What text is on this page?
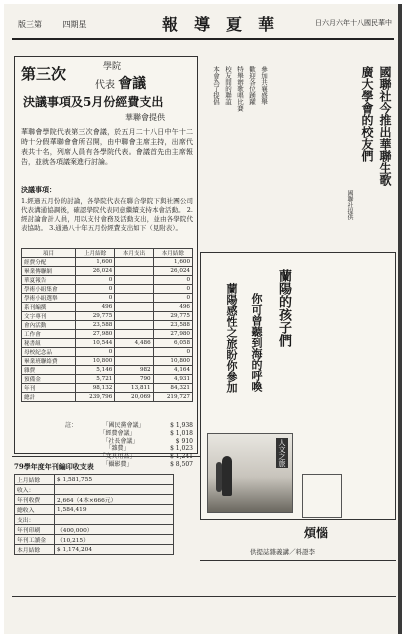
版三第	四期星	報導夏華	日六月六年十八國民華中
第三次	學院
代表 會議
決議事項及5月份經費支出
華聯會提供
華聯會學院代表第三次會議，於五月二十八日中午十二時十分假華聯會會所召開，由中聯會主席主持，出席代表共十名，列席人員有各學院代表。會議首先由主席報告，並就各項議案進行討論。
決議事項：
1.經過五月份的討論，各學院代表在聯合學院下與社團公司代表溝通協調後，確認學院代表同意繼續支持本會活動。 2.經討論會計人員，用以支付會務及活動支出，並由各學院代表協助。 3.通過八十年五月份經費支出如下（見附表）。
項目	上月結餘	本月支出	本月結餘
經費分配	1,600		1,600
畢業傳聯網	26,024		26,024
華夏報告	0		0
學術小組集會	0		0
學術小組選舉	0		0
系刊編撰	496		496
文字專刊	29,775		29,775
會內活動	23,588		23,588
工作會	27,980		27,980
秘書組	10,544	4,486	6,058
母校紀念品	0		0
畢業班聯絡費	10,800		10,800
雜費	5,146	982	4,164
預備金	5,721	790	4,931
年刊	98,132	13,811	84,321
總計	239,796	20,069	219,727
註：	「國民黨會議」	$ 1,938
「經費會議」	$ 1,018
「社長會議」	$ 910
「雜費」	$ 1,023
「攝影費」	$ 8,507
79學年度年刊編印收支表
上月結餘	$ 1,581,755
收入：	
年刊收費	2,664（4本×666元）
總收入	1,584,419
支出：	
年刊印刷	（400,000）
年刊工讀金	（10,215）
本月結餘	$ 1,174,204
國聯社今推出華聯生歌
廣大學會的校友們
國聯社提供
本會為了提倡 校友間的聯誼 特舉辦歌唱比賽 歡迎各位踴躍 參加共襄盛舉
蘭陽的孩子們
你可曾聽到海的呼喚
蘭陽感性之旅盼你參加
人文之旅
煩惱
供提誌雜義講／料證李
